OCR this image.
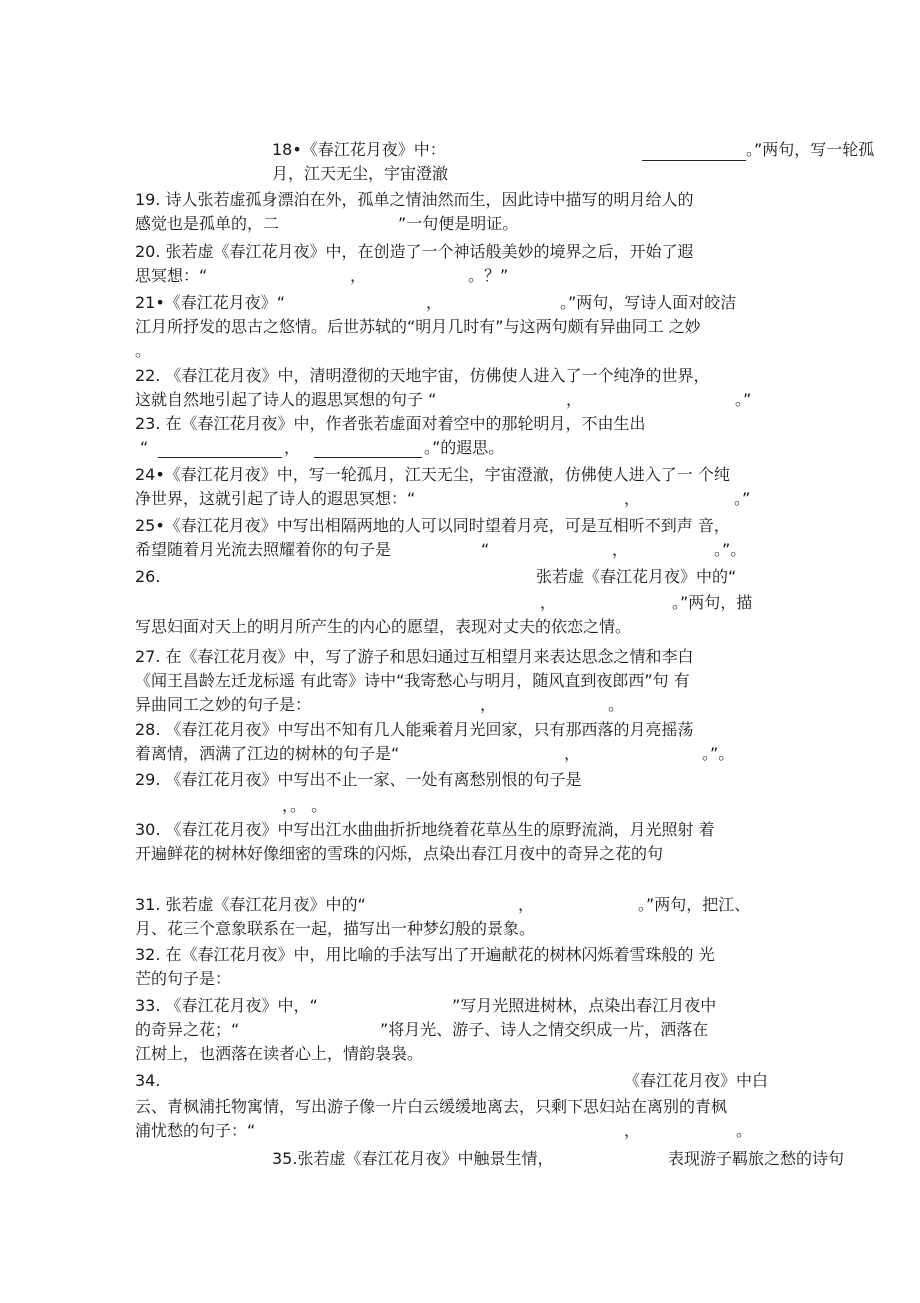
18•《春江花月夜》中：	。”两句，写一轮孤
月，江天无尘，宇宙澄澈
19. 诗人张若虚孤身漂泊在外，孤单之情油然而生，因此诗中描写的明月给人的
感觉也是孤单的，二	”一句便是明证。
20. 张若虚《春江花月夜》中，在创造了一个神话般美妙的境界之后，开始了遐
思冥想：“	，	。？”
21•《春江花月夜》“	，	。”两句，写诗人面对皎洁
江月所抒发的思古之悠情。后世苏轼的“明月几时有”与这两句颇有异曲同工 之妙
。
22. 《春江花月夜》中，清明澄彻的天地宇宙，仿佛使人进入了一个纯净的世界，
这就自然地引起了诗人的遐思冥想的句子 “	，	。”
23. 在《春江花月夜》中，作者张若虚面对着空中的那轮明月，不由生出
“	，	。”的遐思。
24•《春江花月夜》中，写一轮孤月，江天无尘，宇宙澄澈，仿佛使人进入了一 个纯
净世界，这就引起了诗人的遐思冥想：“	，	。”
25•《春江花月夜》中写出相隔两地的人可以同时望着月亮，可是互相听不到声 音，
希望随着月光流去照耀着你的句子是	“	，	。”。
26.	张若虚《春江花月夜》中的“
，	。”两句，描
写思妇面对天上的明月所产生的内心的愿望，表现对丈夫的依恋之情。
27. 在《春江花月夜》中，写了游子和思妇通过互相望月来表达思念之情和李白
《闻王昌龄左迁龙标遥 有此寄》诗中“我寄愁心与明月，随风直到夜郎西”句 有
异曲同工之妙的句子是：	，	。
28. 《春江花月夜》中写出不知有几人能乘着月光回家，只有那西落的月亮摇荡
着离情，洒满了江边的树林的句子是“	，	。”。
29. 《春江花月夜》中写出不止一家、一处有离愁别恨的句子是
，。 。
30. 《春江花月夜》中写出江水曲曲折折地绕着花草丛生的原野流淌，月光照射 着
开遍鲜花的树林好像细密的雪珠的闪烁，点染出春江月夜中的奇异之花的句
31. 张若虚《春江花月夜》中的“	，	。”两句，把江、
月、花三个意象联系在一起，描写出一种梦幻般的景象。
32. 在《春江花月夜》中，用比喻的手法写出了开遍献花的树林闪烁着雪珠般的 光
芒的句子是：
33. 《春江花月夜》中，“	”写月光照进树林，点染出春江月夜中
的奇异之花；“	”将月光、游子、诗人之情交织成一片，洒落在
江树上，也洒落在读者心上，情韵袅袅。
34.	《春江花月夜》中白
云、青枫浦托物寓情，写出游子像一片白云缓缓地离去，只剩下思妇站在离别的青枫
浦忧愁的句子：“	，	。
35.张若虚《春江花月夜》中触景生情，	表现游子羁旅之愁的诗句
